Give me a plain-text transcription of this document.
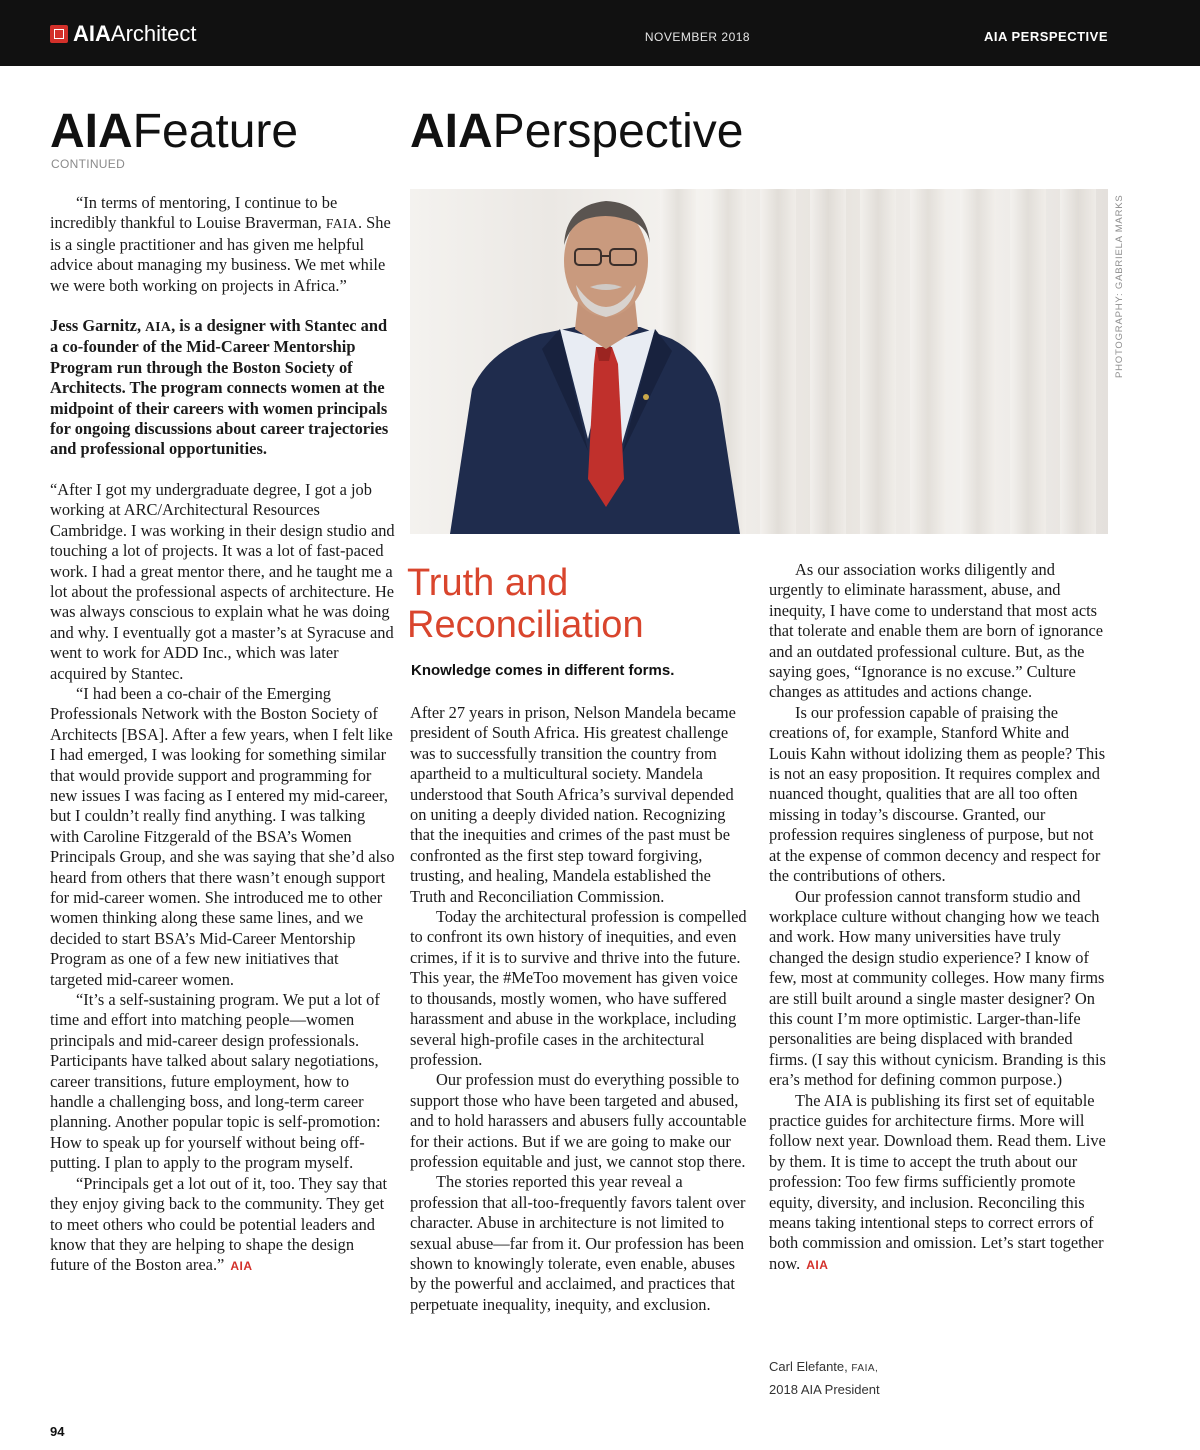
AIAArchitect	NOVEMBER 2018	AIA PERSPECTIVE
AIAFeature
CONTINUED

“In terms of mentoring, I continue to be incredibly thankful to Louise Braverman, FAIA. She is a single practitioner and has given me helpful advice about managing my business. We met while we were both working on projects in Africa.”

Jess Garnitz, AIA, is a designer with Stantec and a co-founder of the Mid-Career Mentorship Program run through the Boston Society of Architects. The program connects women at the midpoint of their careers with women principals for ongoing discussions about career trajectories and professional opportunities.

“After I got my undergraduate degree, I got a job working at ARC/Architectural Resources Cambridge. I was working in their design studio and touching a lot of projects. It was a lot of fast-paced work. I had a great mentor there, and he taught me a lot about the professional aspects of architecture. He was always conscious to explain what he was doing and why. I eventually got a master’s at Syracuse and went to work for ADD Inc., which was later acquired by Stantec.

“I had been a co-chair of the Emerging Professionals Network with the Boston Society of Architects [BSA]. After a few years, when I felt like I had emerged, I was looking for something similar that would provide support and programming for new issues I was facing as I entered my mid-career, but I couldn’t really find anything. I was talking with Caroline Fitzgerald of the BSA’s Women Principals Group, and she was saying that she’d also heard from others that there wasn’t enough support for mid-career women. She introduced me to other women thinking along these same lines, and we decided to start BSA’s Mid-Career Mentorship Program as one of a few new initiatives that targeted mid-career women.

“It’s a self-sustaining program. We put a lot of time and effort into matching people—women principals and mid-career design professionals. Participants have talked about salary negotiations, career transitions, future employment, how to handle a challenging boss, and long-term career planning. Another popular topic is self-promotion: How to speak up for yourself without being off-putting. I plan to apply to the program myself.

“Principals get a lot out of it, too. They say that they enjoy giving back to the community. They get to meet others who could be potential leaders and know that they are helping to shape the design future of the Boston area.” AIA

AIAPerspective
PHOTOGRAPHY: GABRIELA MARKS
Truth and Reconciliation
Knowledge comes in different forms.

After 27 years in prison, Nelson Mandela became president of South Africa. His greatest challenge was to successfully transition the country from apartheid to a multicultural society. Mandela understood that South Africa’s survival depended on uniting a deeply divided nation. Recognizing that the inequities and crimes of the past must be confronted as the first step toward forgiving, trusting, and healing, Mandela established the Truth and Reconciliation Commission.

Today the architectural profession is compelled to confront its own history of inequities, and even crimes, if it is to survive and thrive into the future. This year, the #MeToo movement has given voice to thousands, mostly women, who have suffered harassment and abuse in the workplace, including several high-profile cases in the architectural profession.

Our profession must do everything possible to support those who have been targeted and abused, and to hold harassers and abusers fully accountable for their actions. But if we are going to make our profession equitable and just, we cannot stop there.

The stories reported this year reveal a profession that all-too-frequently favors talent over character. Abuse in architecture is not limited to sexual abuse—far from it. Our profession has been shown to knowingly tolerate, even enable, abuses by the powerful and acclaimed, and practices that perpetuate inequality, inequity, and exclusion.

As our association works diligently and urgently to eliminate harassment, abuse, and inequity, I have come to understand that most acts that tolerate and enable them are born of ignorance and an outdated professional culture. But, as the saying goes, “Ignorance is no excuse.” Culture changes as attitudes and actions change.

Is our profession capable of praising the creations of, for example, Stanford White and Louis Kahn without idolizing them as people? This is not an easy proposition. It requires complex and nuanced thought, qualities that are all too often missing in today’s discourse. Granted, our profession requires singleness of purpose, but not at the expense of common decency and respect for the contributions of others.

Our profession cannot transform studio and workplace culture without changing how we teach and work. How many universities have truly changed the design studio experience? I know of few, most at community colleges. How many firms are still built around a single master designer? On this count I’m more optimistic. Larger-than-life personalities are being displaced with branded firms. (I say this without cynicism. Branding is this era’s method for defining common purpose.)

The AIA is publishing its first set of equitable practice guides for architecture firms. More will follow next year. Download them. Read them. Live by them. It is time to accept the truth about our profession: Too few firms sufficiently promote equity, diversity, and inclusion. Reconciling this means taking intentional steps to correct errors of both commission and omission. Let’s start together now. AIA

Carl Elefante, FAIA,
2018 AIA President
94
